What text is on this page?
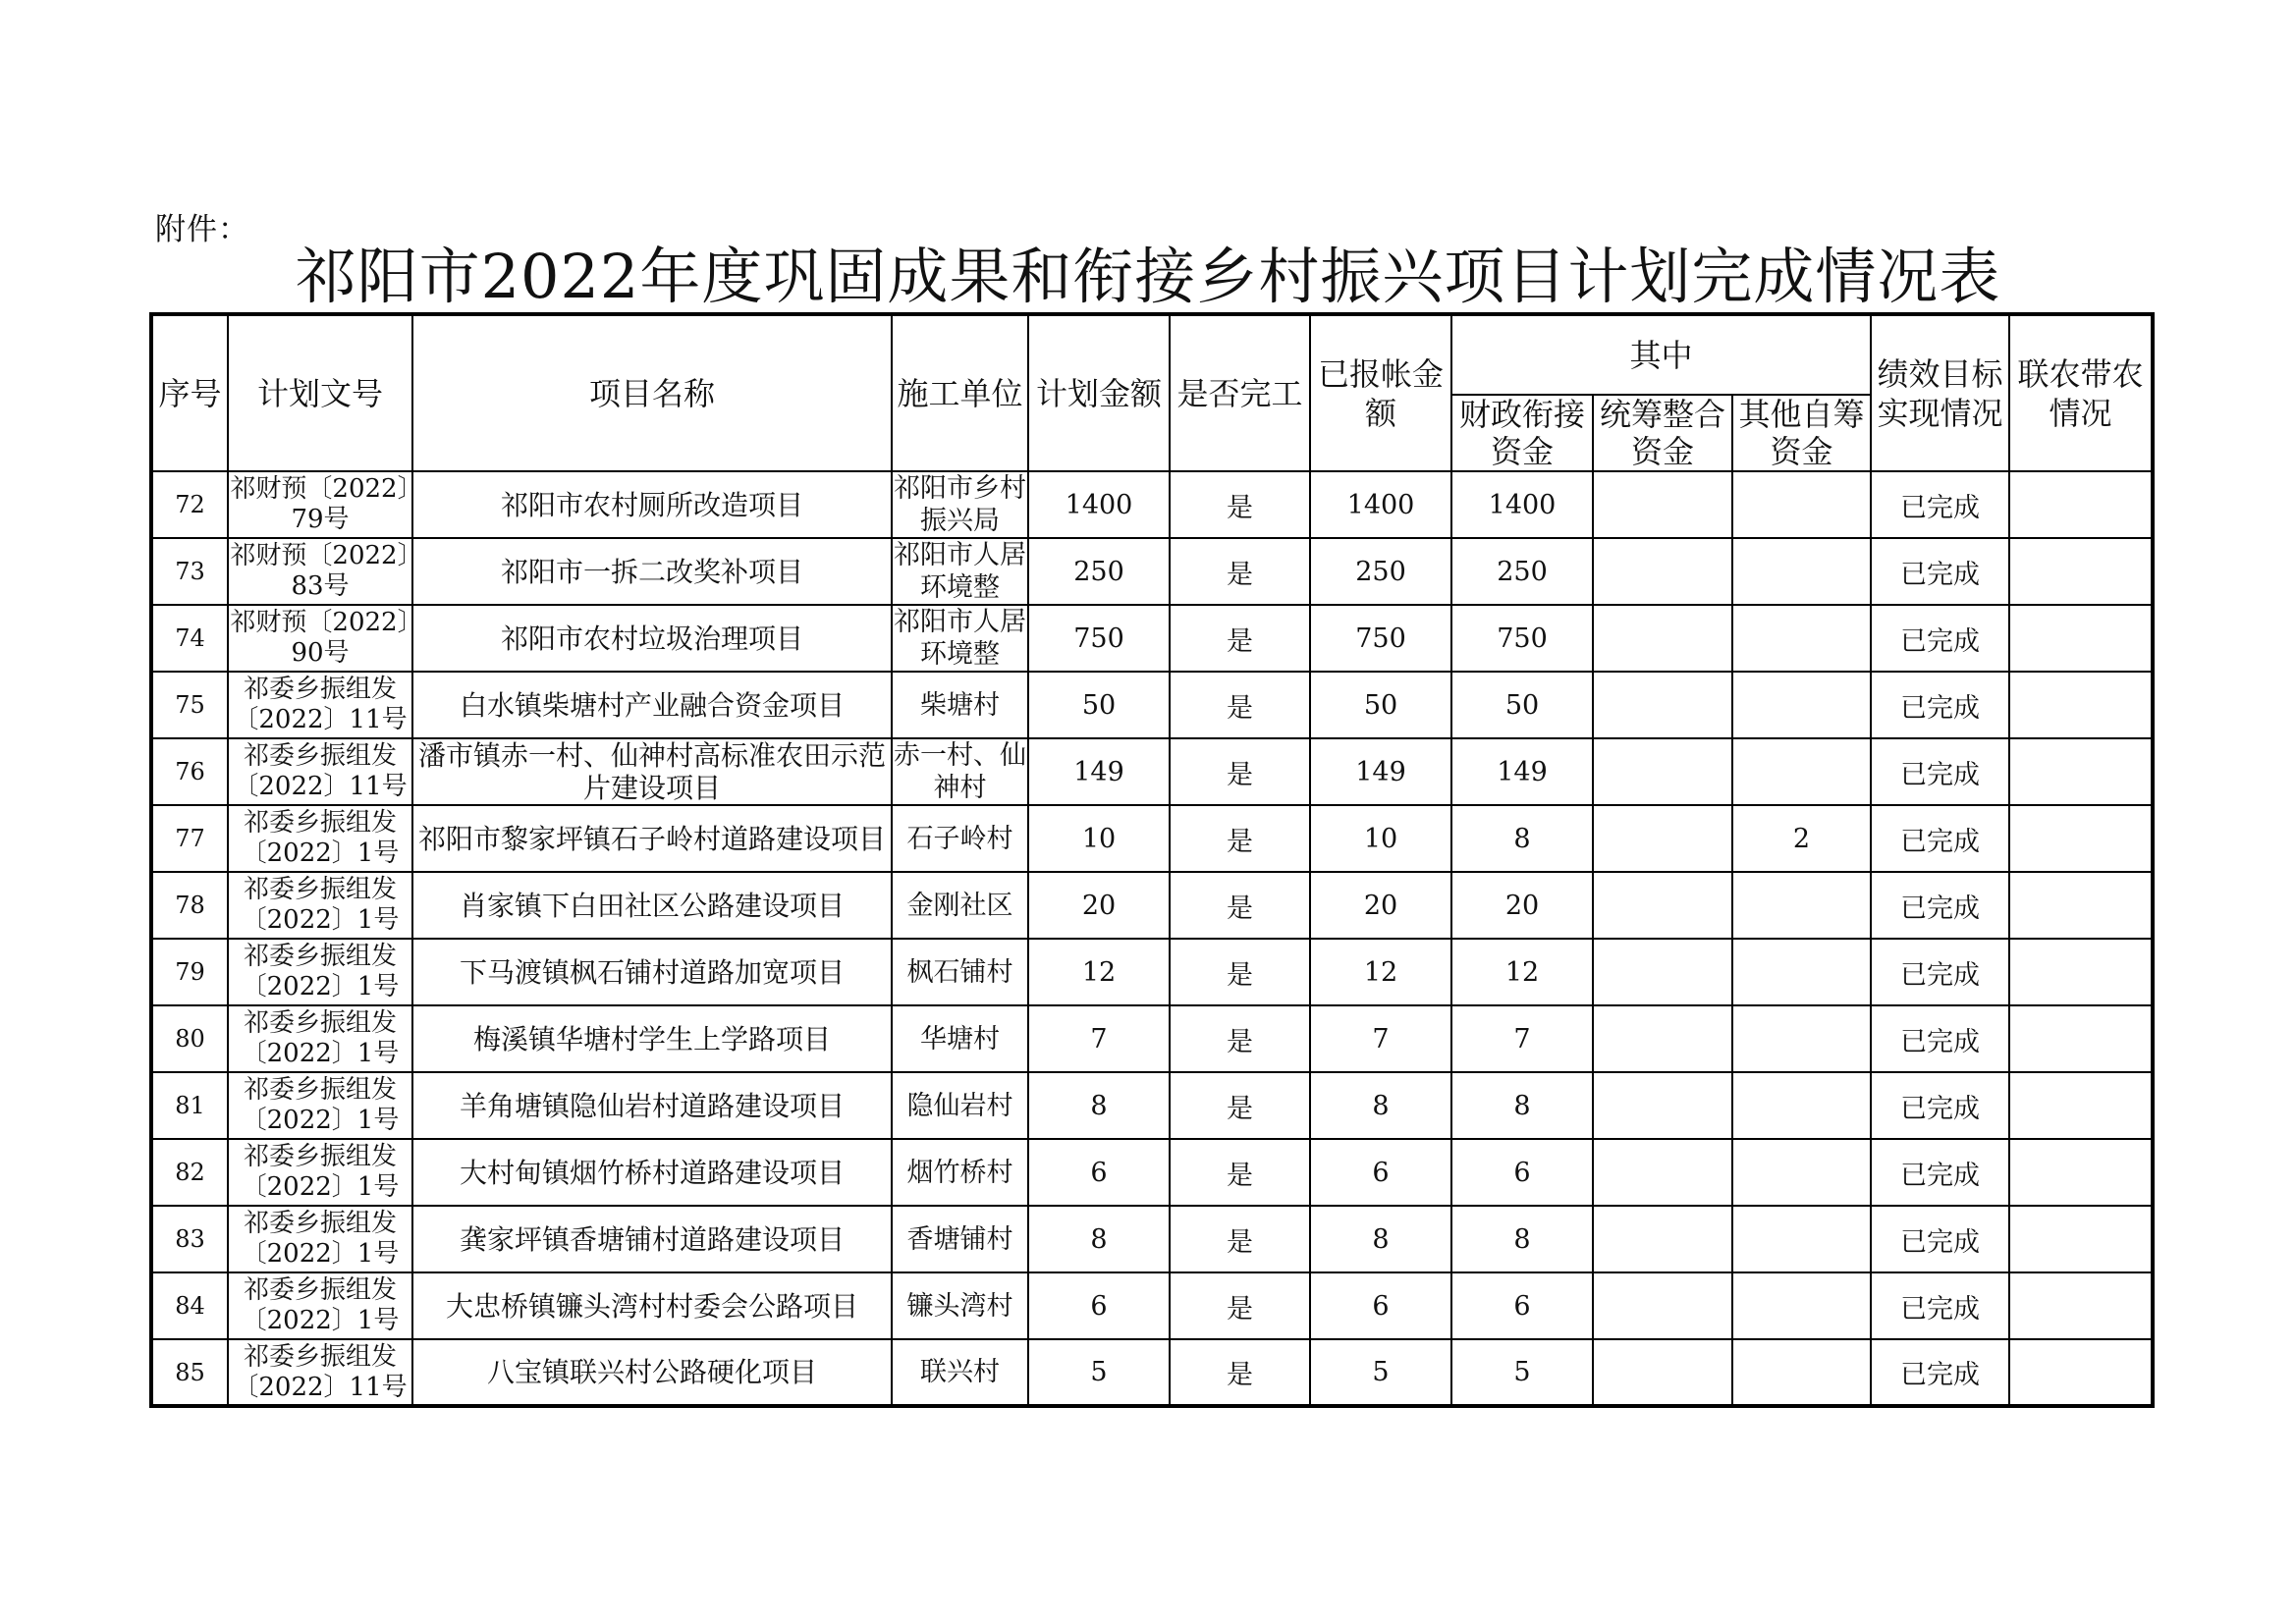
附件：
祁阳市2022年度巩固成果和衔接乡村振兴项目计划完成情况表
序号	计划文号	项目名称	施工单位	计划金额	是否完工	已报帐金额	其中			绩效目标实现情况	联农带农情况

							财政衔接资金	统筹整合资金	其他自筹资金		

72	祁财预〔2022〕79号	祁阳市农村厕所改造项目	祁阳市乡村振兴局	1400	是	1400	1400			已完成	
73	祁财预〔2022〕83号	祁阳市一拆二改奖补项目	祁阳市人居环境整	250	是	250	250			已完成	
74	祁财预〔2022〕90号	祁阳市农村垃圾治理项目	祁阳市人居环境整	750	是	750	750			已完成	
75	祁委乡振组发〔2022〕11号	白水镇柴塘村产业融合资金项目	柴塘村	50	是	50	50			已完成	
76	祁委乡振组发〔2022〕11号	潘市镇赤一村、仙神村高标准农田示范片建设项目	赤一村、仙神村	149	是	149	149			已完成	
77	祁委乡振组发〔2022〕1号	祁阳市黎家坪镇石子岭村道路建设项目	石子岭村	10	是	10	8		2	已完成	
78	祁委乡振组发〔2022〕1号	肖家镇下白田社区公路建设项目	金刚社区	20	是	20	20			已完成	
79	祁委乡振组发〔2022〕1号	下马渡镇枫石铺村道路加宽项目	枫石铺村	12	是	12	12			已完成	
80	祁委乡振组发〔2022〕1号	梅溪镇华塘村学生上学路项目	华塘村	7	是	7	7			已完成	
81	祁委乡振组发〔2022〕1号	羊角塘镇隐仙岩村道路建设项目	隐仙岩村	8	是	8	8			已完成	
82	祁委乡振组发〔2022〕1号	大村甸镇烟竹桥村道路建设项目	烟竹桥村	6	是	6	6			已完成	
83	祁委乡振组发〔2022〕1号	龚家坪镇香塘铺村道路建设项目	香塘铺村	8	是	8	8			已完成	
84	祁委乡振组发〔2022〕1号	大忠桥镇镰头湾村村委会公路项目	镰头湾村	6	是	6	6			已完成	
85	祁委乡振组发〔2022〕11号	八宝镇联兴村公路硬化项目	联兴村	5	是	5	5			已完成	
